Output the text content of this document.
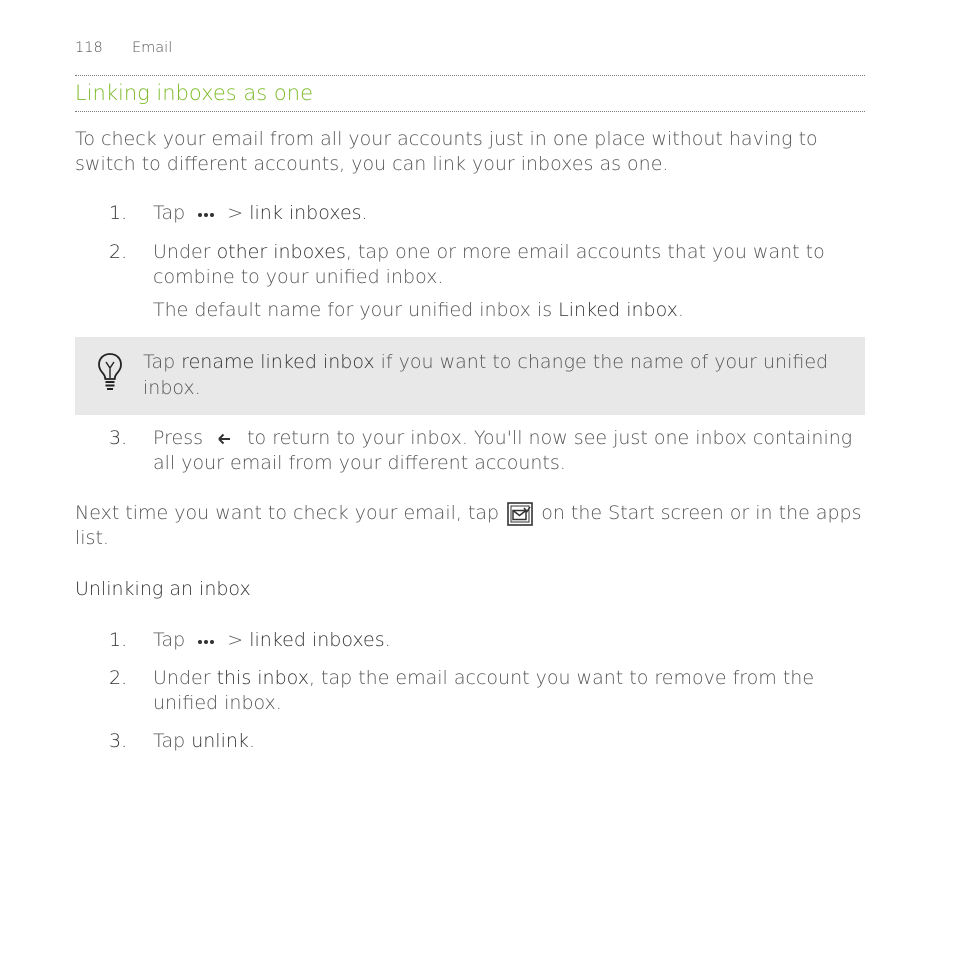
118 Email
Linking inboxes as one
To check your email from all your accounts just in one place without having to switch to different accounts, you can link your inboxes as one.
1.	Tap  > link inboxes.
2.	Under other inboxes, tap one or more email accounts that you want to combine to your unified inbox.
The default name for your unified inbox is Linked inbox.
Tap rename linked inbox if you want to change the name of your unified inbox.
3.	Press to return to your inbox. You'll now see just one inbox containing all your email from your different accounts.
Next time you want to check your email, tap on the Start screen or in the apps list.
Unlinking an inbox
1.	Tap  > linked inboxes.
2.	Under this inbox, tap the email account you want to remove from the unified inbox.
3.	Tap unlink.
